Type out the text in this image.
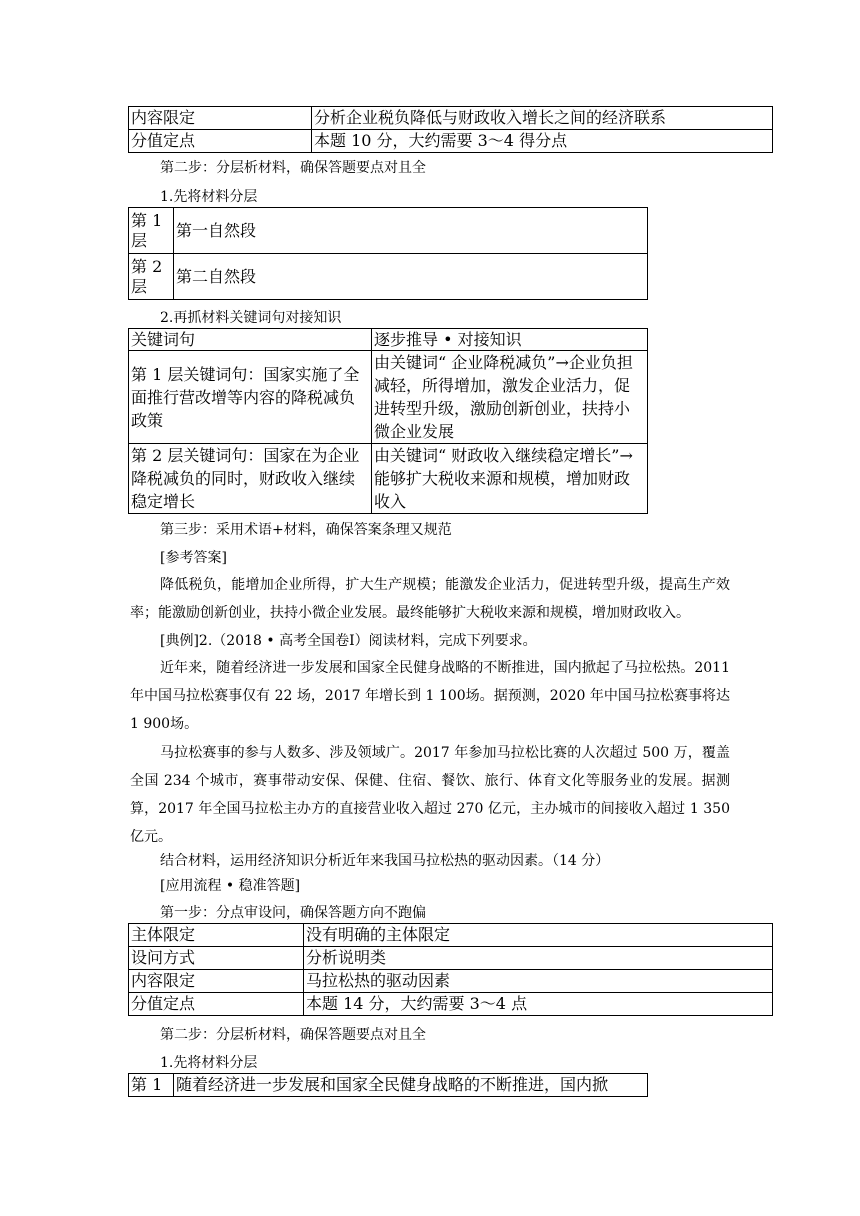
内容限定	分析企业税负降低与财政收入增长之间的经济联系
分值定点	本题 10 分，大约需要 3～4 得分点
第二步：分层析材料，确保答题要点对且全
1.先将材料分层
第 1 层	第一自然段
第 2 层	第二自然段
2.再抓材料关键词句对接知识
关键词句	逐步推导 • 对接知识
第 1 层关键词句：国家实施了全面推行营改增等内容的降税减负政策	由关键词“ 企业降税减负”→企业负担减轻，所得增加，激发企业活力，促进转型升级，激励创新创业，扶持小微企业发展
第 2 层关键词句：国家在为企业降税减负的同时，财政收入继续稳定增长	由关键词“ 财政收入继续稳定增长”→ 能够扩大税收来源和规模，增加财政收入
第三步：采用术语+材料，确保答案条理又规范
[参考答案]
降低税负，能增加企业所得，扩大生产规模；能激发企业活力，促进转型升级，提高生产效率；能激励创新创业，扶持小微企业发展。最终能够扩大税收来源和规模，增加财政收入。
[典例]2.（2018 • 高考全国卷Ⅰ）阅读材料，完成下列要求。
近年来，随着经济进一步发展和国家全民健身战略的不断推进，国内掀起了马拉松热。2011 年中国马拉松赛事仅有 22 场，2017 年增长到 1 100场。据预测，2020 年中国马拉松赛事将达 1 900场。
马拉松赛事的参与人数多、涉及领域广。2017 年参加马拉松比赛的人次超过 500 万，覆盖全国 234 个城市，赛事带动安保、保健、住宿、餐饮、旅行、体育文化等服务业的发展。据测算，2017 年全国马拉松主办方的直接营业收入超过 270 亿元，主办城市的间接收入超过 1 350 亿元。
结合材料，运用经济知识分析近年来我国马拉松热的驱动因素。（14 分）
[应用流程 • 稳准答题]
第一步：分点审设问，确保答题方向不跑偏
主体限定	没有明确的主体限定
设问方式	分析说明类
内容限定	马拉松热的驱动因素
分值定点	本题 14 分，大约需要 3～4 点
第二步：分层析材料，确保答题要点对且全
1.先将材料分层
第 1	随着经济进一步发展和国家全民健身战略的不断推进，国内掀
